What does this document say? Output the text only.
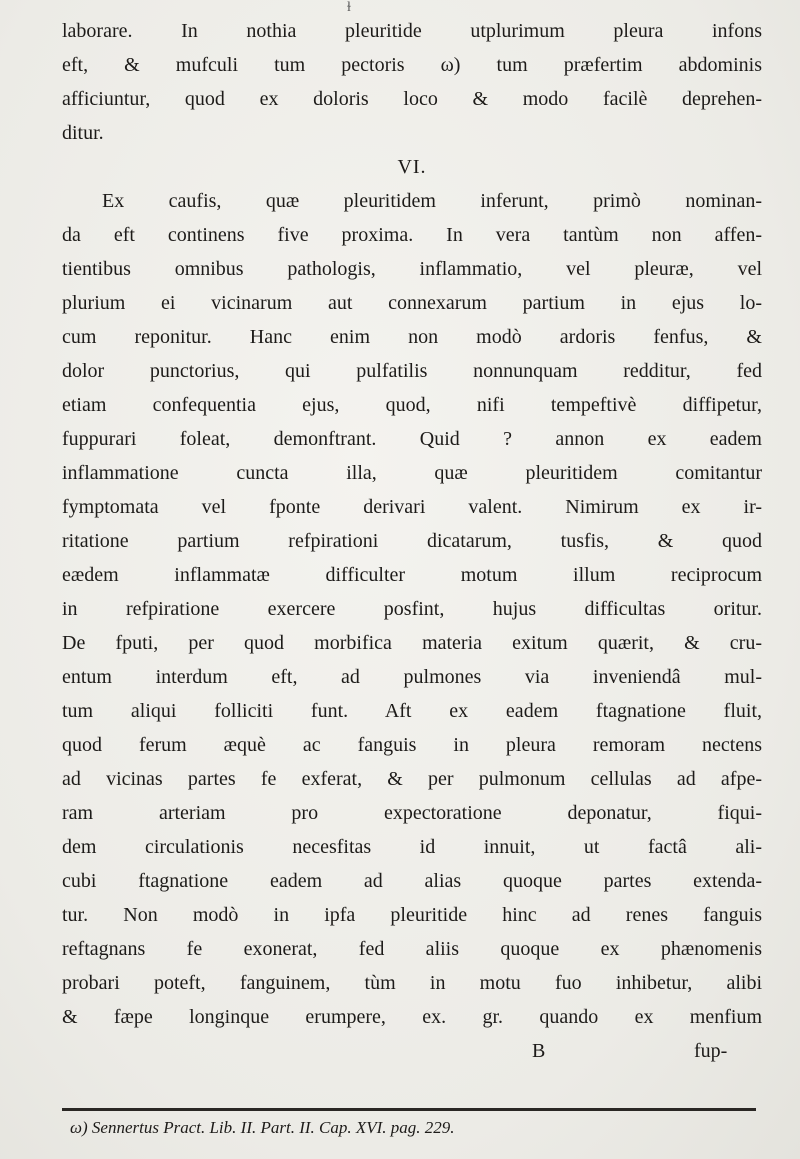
ɫ
laborare. In nothia pleuritide utplurimum pleura infons
eft, & mufculi tum pectoris ω) tum præfertim abdominis
afficiuntur, quod ex doloris loco & modo facilè deprehen-
ditur.
VI.
Ex caufis, quæ pleuritidem inferunt, primò nominan-
da eft continens five proxima. In vera tantùm non affen-
tientibus omnibus pathologis, inflammatio, vel pleuræ, vel
plurium ei vicinarum aut connexarum partium in ejus lo-
cum reponitur. Hanc enim non modò ardoris fenfus, &
dolor punctorius, qui pulfatilis nonnunquam redditur, fed
etiam confequentia ejus, quod, nifi tempeftivè diffipetur,
fuppurari foleat, demonftrant. Quid ? annon ex eadem
inflammatione cuncta illa, quæ pleuritidem comitantur
fymptomata vel fponte derivari valent. Nimirum ex ir-
ritatione partium refpirationi dicatarum, tusfis, & quod
eædem inflammatæ difficulter motum illum reciprocum
in refpiratione exercere posfint, hujus difficultas oritur.
De fputi, per quod morbifica materia exitum quærit, & cru-
entum interdum eft, ad pulmones via inveniendâ mul-
tum aliqui folliciti funt. Aft ex eadem ftagnatione fluit,
quod ferum æquè ac fanguis in pleura remoram nectens
ad vicinas partes fe exferat, & per pulmonum cellulas ad afpe-
ram arteriam pro expectoratione deponatur, fiqui-
dem circulationis necesfitas id innuit, ut factâ ali-
cubi ftagnatione eadem ad alias quoque partes extenda-
tur. Non modò in ipfa pleuritide hinc ad renes fanguis
reftagnans fe exonerat, fed aliis quoque ex phænomenis
probari poteft, fanguinem, tùm in motu fuo inhibetur, alibi
& fæpe longinque erumpere, ex. gr. quando ex menfium
B	fup-
ω) Sennertus Pract. Lib. II. Part. II. Cap. XVI. pag. 229.
